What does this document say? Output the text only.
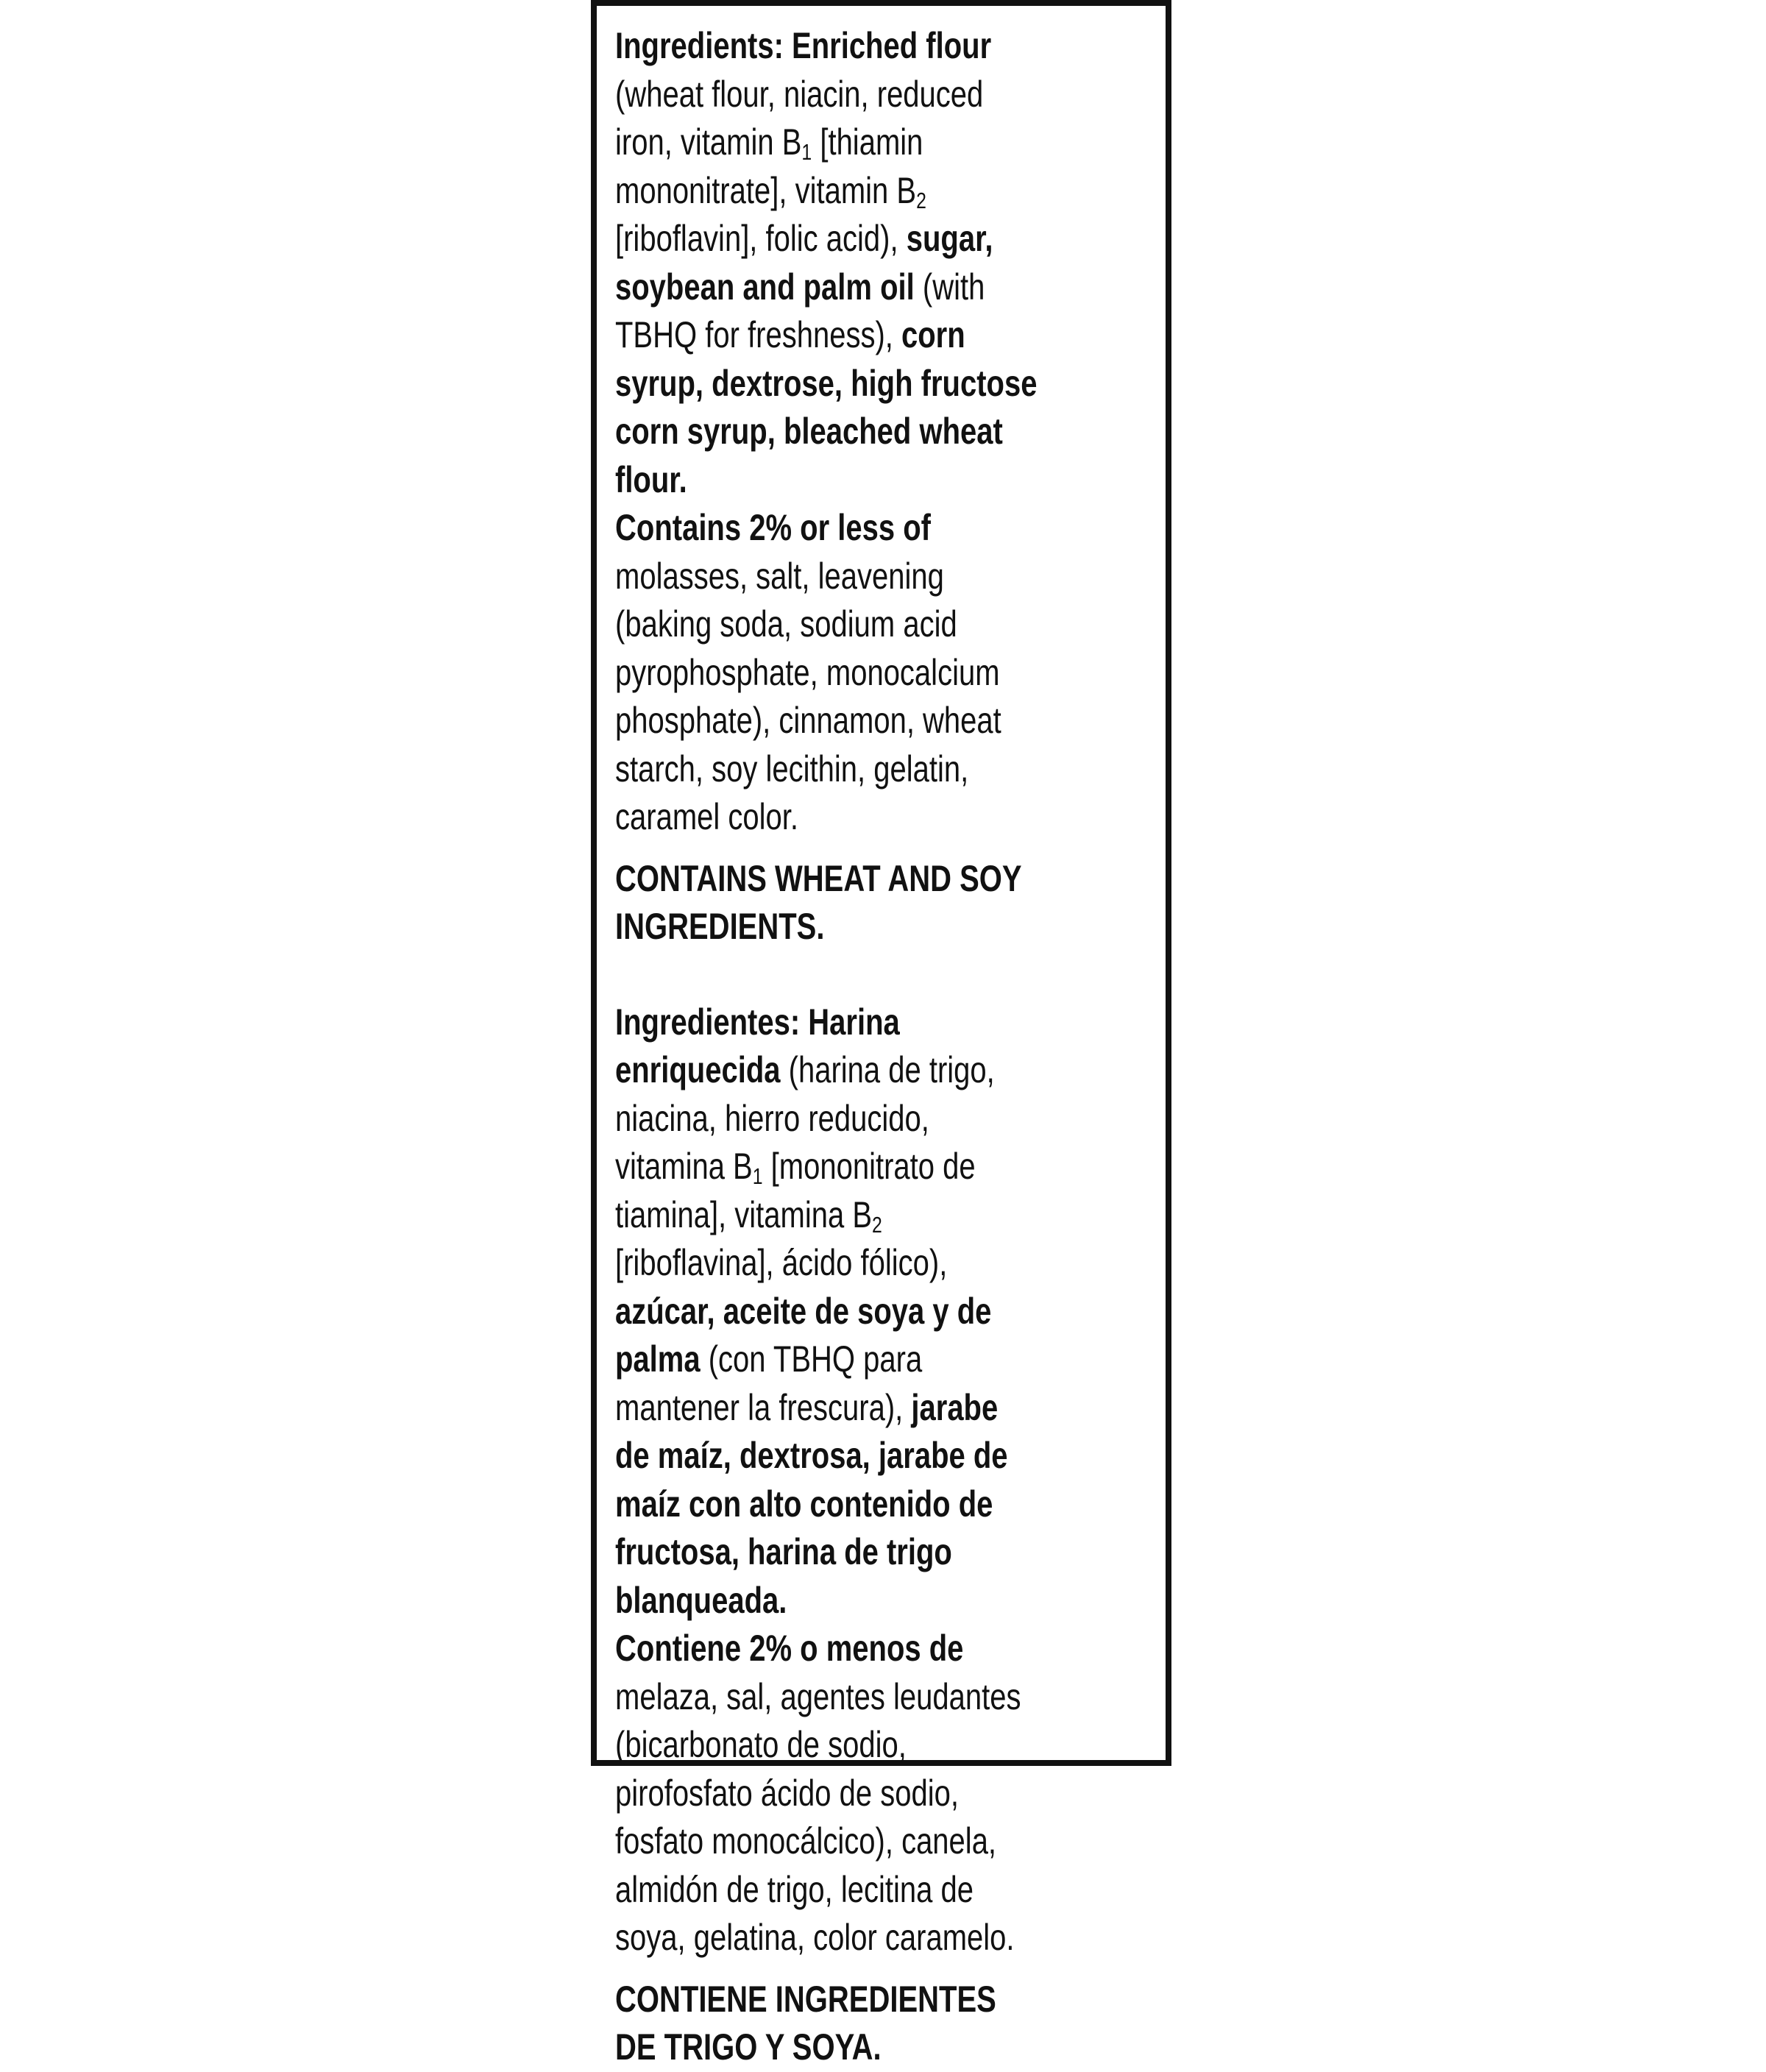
Ingredients: Enriched flour (wheat flour, niacin, reduced iron, vitamin $B_1$ [thiamin mononitrate], vitamin $B_2$ [riboflavin], folic acid), sugar, soybean and palm oil (with TBHQ for freshness), corn syrup, dextrose, high fructose corn syrup, bleached wheat flour.

Contains 2% or less of molasses, salt, leavening (baking soda, sodium acid pyrophosphate, monocalcium phosphate), cinnamon, wheat starch, soy lecithin, gelatin, caramel color.

CONTAINS WHEAT AND SOY INGREDIENTS.

Ingredientes: Harina enriquecida (harina de trigo, niacina, hierro reducido, vitamina $B_1$ [mononitrato de tiamina], vitamina $B_2$ [riboflavina], ácido fólico), azúcar, aceite de soya y de palma (con TBHQ para mantener la frescura), jarabe de maíz, dextrosa, jarabe de maíz con alto contenido de fructosa, harina de trigo blanqueada.

Contiene 2% o menos de melaza, sal, agentes leudantes (bicarbonato de sodio, pirofosfato ácido de sodio, fosfato monocálcico), canela, almidón de trigo, lecitina de soya, gelatina, color caramelo.

CONTIENE INGREDIENTES DE TRIGO Y SOYA.
